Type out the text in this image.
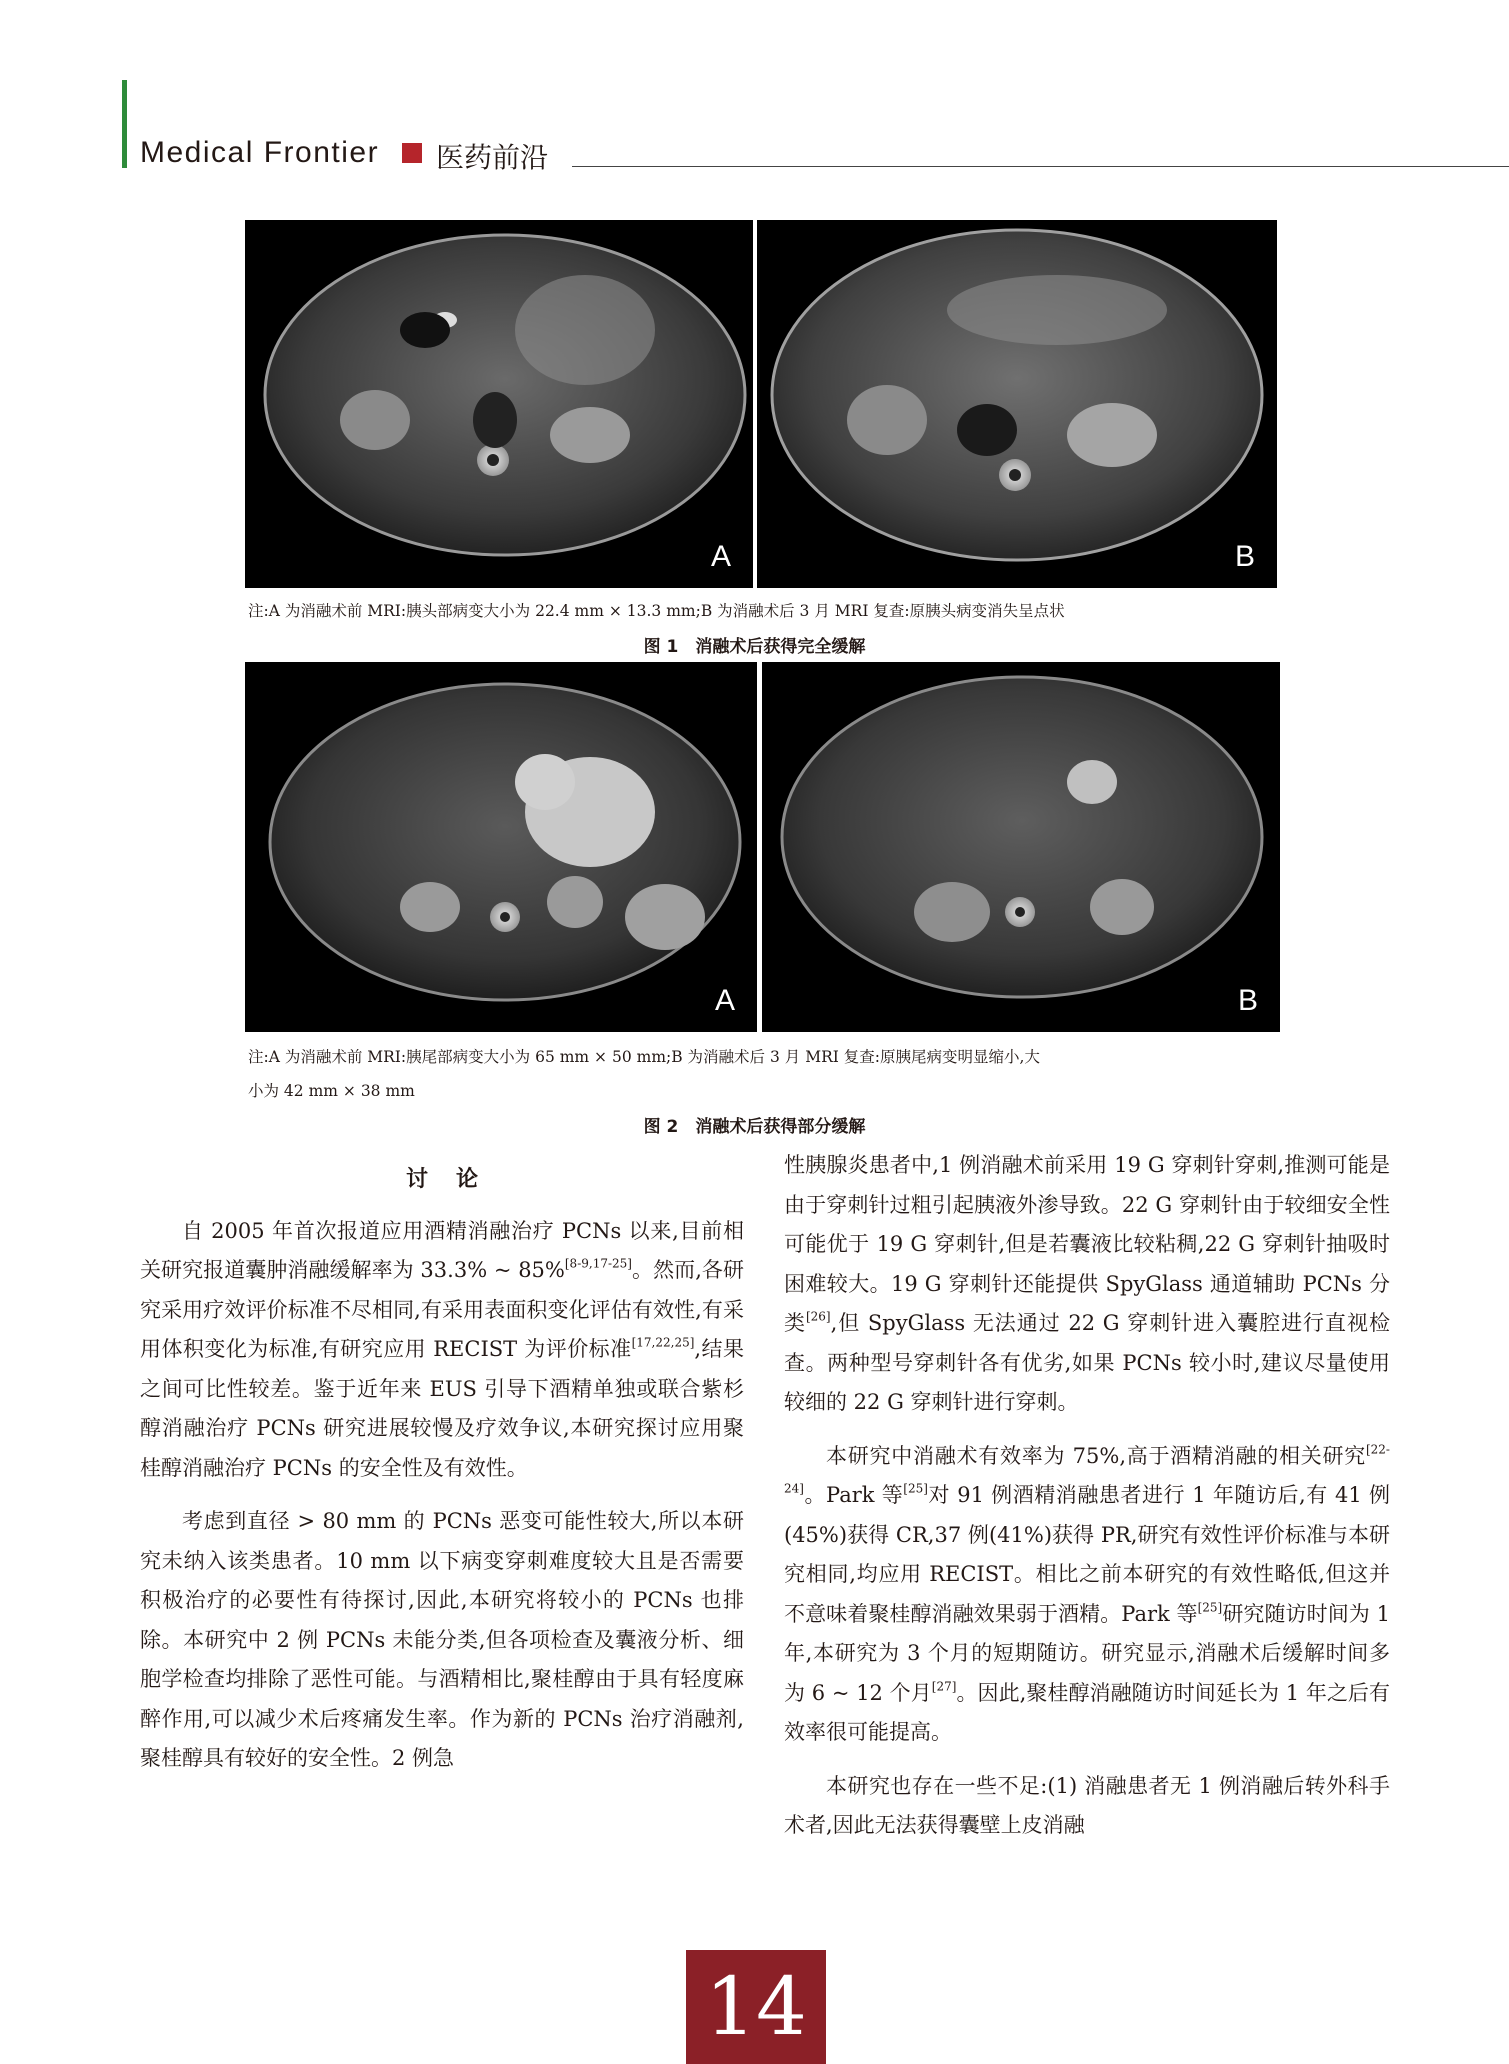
Medical Frontier 医药前沿
A	B
注:A 为消融术前 MRI:胰头部病变大小为 22.4 mm × 13.3 mm;B 为消融术后 3 月 MRI 复查:原胰头病变消失呈点状
图 1　消融术后获得完全缓解
A	B
注:A 为消融术前 MRI:胰尾部病变大小为 65 mm × 50 mm;B 为消融术后 3 月 MRI 复查:原胰尾病变明显缩小,大
小为 42 mm × 38 mm
图 2　消融术后获得部分缓解
讨论

自 2005 年首次报道应用酒精消融治疗 PCNs 以来,目前相关研究报道囊肿消融缓解率为 33.3% ~ 85%[8-9,17-25]。然而,各研究采用疗效评价标准不尽相同,有采用表面积变化评估有效性,有采用体积变化为标准,有研究应用 RECIST 为评价标准[17,22,25],结果之间可比性较差。鉴于近年来 EUS 引导下酒精单独或联合紫杉醇消融治疗 PCNs 研究进展较慢及疗效争议,本研究探讨应用聚桂醇消融治疗 PCNs 的安全性及有效性。

考虑到直径 > 80 mm 的 PCNs 恶变可能性较大,所以本研究未纳入该类患者。10 mm 以下病变穿刺难度较大且是否需要积极治疗的必要性有待探讨,因此,本研究将较小的 PCNs 也排除。本研究中 2 例 PCNs 未能分类,但各项检查及囊液分析、细胞学检查均排除了恶性可能。与酒精相比,聚桂醇由于具有轻度麻醉作用,可以减少术后疼痛发生率。作为新的 PCNs 治疗消融剂,聚桂醇具有较好的安全性。2 例急

性胰腺炎患者中,1 例消融术前采用 19 G 穿刺针穿刺,推测可能是由于穿刺针过粗引起胰液外渗导致。22 G 穿刺针由于较细安全性可能优于 19 G 穿刺针,但是若囊液比较粘稠,22 G 穿刺针抽吸时困难较大。19 G 穿刺针还能提供 SpyGlass 通道辅助 PCNs 分类[26],但 SpyGlass 无法通过 22 G 穿刺针进入囊腔进行直视检查。两种型号穿刺针各有优劣,如果 PCNs 较小时,建议尽量使用较细的 22 G 穿刺针进行穿刺。

本研究中消融术有效率为 75%,高于酒精消融的相关研究[22-24]。Park 等[25]对 91 例酒精消融患者进行 1 年随访后,有 41 例(45%)获得 CR,37 例(41%)获得 PR,研究有效性评价标准与本研究相同,均应用 RECIST。相比之前本研究的有效性略低,但这并不意味着聚桂醇消融效果弱于酒精。Park 等[25]研究随访时间为 1 年,本研究为 3 个月的短期随访。研究显示,消融术后缓解时间多为 6 ~ 12 个月[27]。因此,聚桂醇消融随访时间延长为 1 年之后有效率很可能提高。

本研究也存在一些不足:(1) 消融患者无 1 例消融后转外科手术者,因此无法获得囊壁上皮消融

14
